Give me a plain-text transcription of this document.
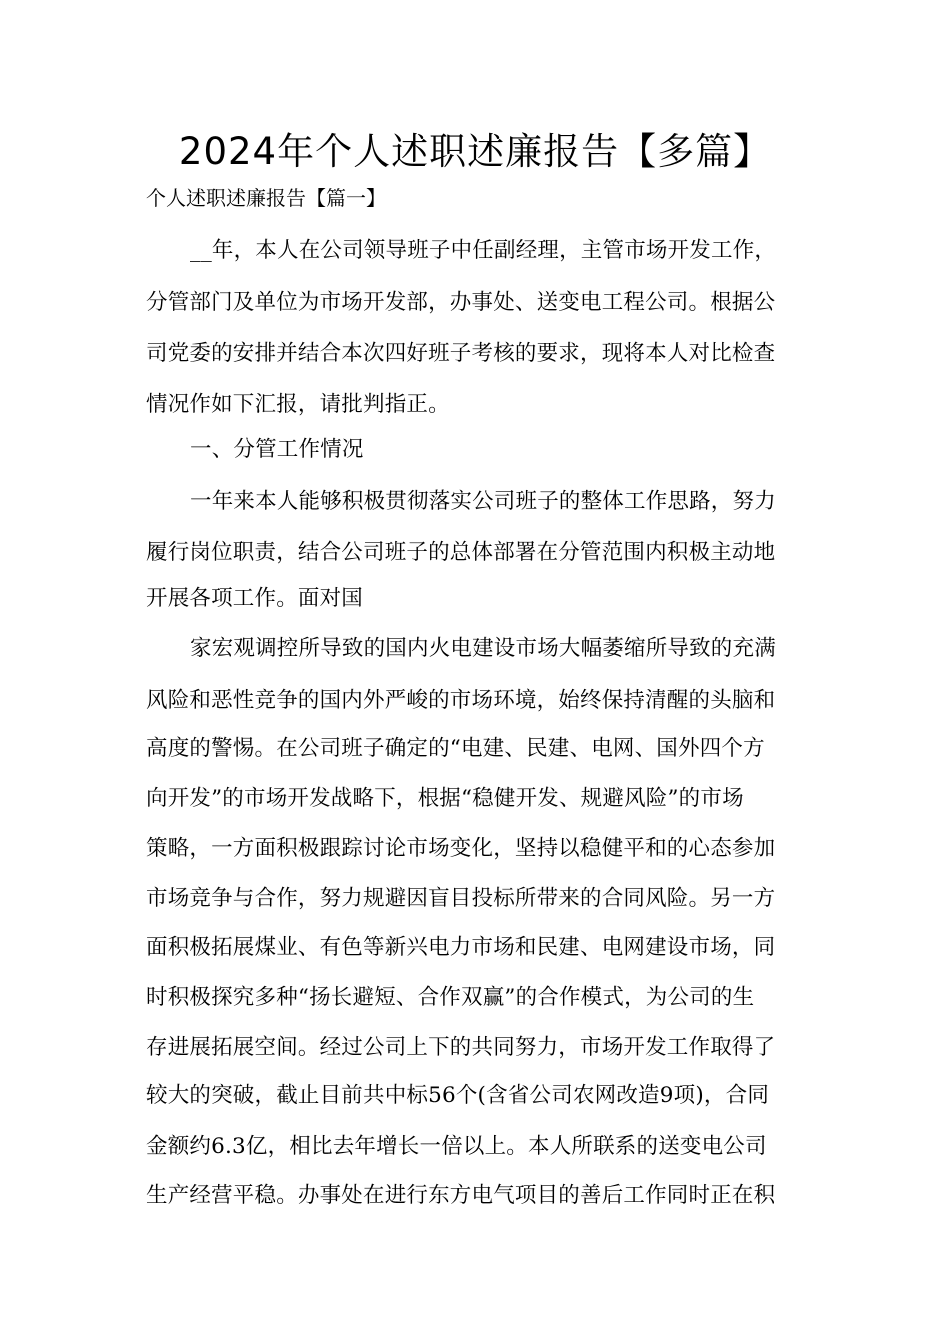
2024年个人述职述廉报告【多篇】
个人述职述廉报告【篇一】
__年，本人在公司领导班子中任副经理，主管市场开发工作，
分管部门及单位为市场开发部，办事处、送变电工程公司。根据公
司党委的安排并结合本次四好班子考核的要求，现将本人对比检查
情况作如下汇报，请批判指正。
一、分管工作情况
一年来本人能够积极贯彻落实公司班子的整体工作思路，努力
履行岗位职责，结合公司班子的总体部署在分管范围内积极主动地
开展各项工作。面对国
家宏观调控所导致的国内火电建设市场大幅萎缩所导致的充满
风险和恶性竞争的国内外严峻的市场环境，始终保持清醒的头脑和
高度的警惕。在公司班子确定的“电建、民建、电网、国外四个方
向开发”的市场开发战略下，根据“稳健开发、规避风险”的市场
策略，一方面积极跟踪讨论市场变化，坚持以稳健平和的心态参加
市场竞争与合作，努力规避因盲目投标所带来的合同风险。另一方
面积极拓展煤业、有色等新兴电力市场和民建、电网建设市场，同
时积极探究多种“扬长避短、合作双赢”的合作模式，为公司的生
存进展拓展空间。经过公司上下的共同努力，市场开发工作取得了
较大的突破，截止目前共中标56个(含省公司农网改造9项)，合同
金额约6.3亿，相比去年增长一倍以上。本人所联系的送变电公司
生产经营平稳。办事处在进行东方电气项目的善后工作同时正在积
